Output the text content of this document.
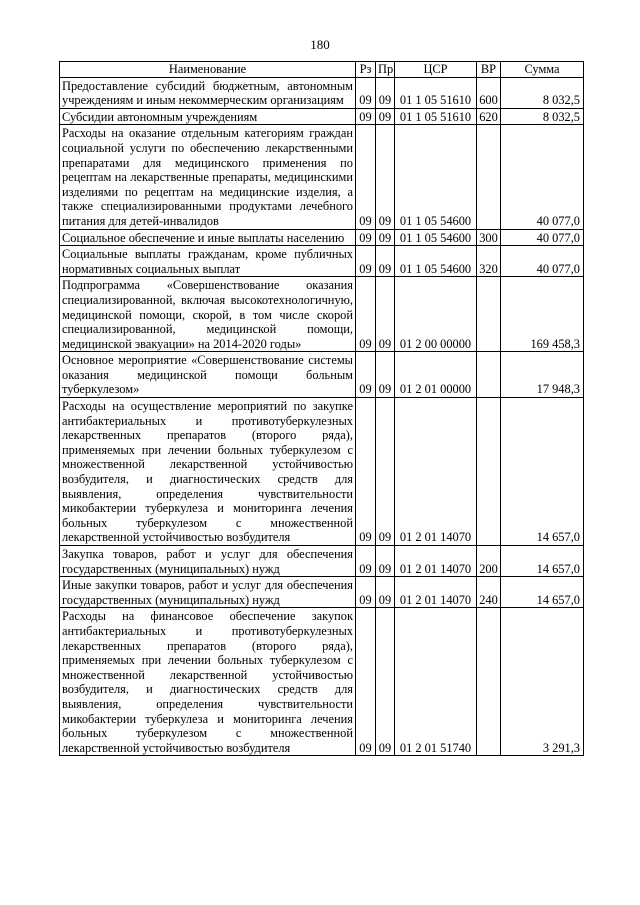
180
Наименование	Рз	Пр	ЦСР	ВР	Сумма
Предоставление субсидий бюджетным, автономным учреждениям и иным некоммерческим организациям	09	09	01 1 05 51610	600	8 032,5
Субсидии автономным учреждениям	09	09	01 1 05 51610	620	8 032,5
Расходы на оказание отдельным категориям граждан социальной услуги по обеспечению лекарственными препаратами для медицинского применения по рецептам на лекарственные препараты, медицинскими изделиями по рецептам на медицинские изделия, а также специализированными продуктами лечебного питания для детей-инвалидов	09	09	01 1 05 54600		40 077,0
Социальное обеспечение и иные выплаты населению	09	09	01 1 05 54600	300	40 077,0
Социальные выплаты гражданам, кроме публичных нормативных социальных выплат	09	09	01 1 05 54600	320	40 077,0
Подпрограмма «Совершенствование оказания специализированной, включая высокотехнологичную, медицинской помощи, скорой, в том числе скорой специализированной, медицинской помощи, медицинской эвакуации» на 2014-2020 годы»	09	09	01 2 00 00000		169 458,3
Основное мероприятие «Совершенствование системы оказания медицинской помощи больным туберкулезом»	09	09	01 2 01 00000		17 948,3
Расходы на осуществление мероприятий по закупке антибактериальных и противотуберкулезных лекарственных препаратов (второго ряда), применяемых при лечении больных туберкулезом с множественной лекарственной устойчивостью возбудителя, и диагностических средств для выявления, определения чувствительности микобактерии туберкулеза и мониторинга лечения больных туберкулезом с множественной лекарственной устойчивостью возбудителя	09	09	01 2 01 14070		14 657,0
Закупка товаров, работ и услуг для обеспечения государственных (муниципальных) нужд	09	09	01 2 01 14070	200	14 657,0
Иные закупки товаров, работ и услуг для обеспечения государственных (муниципальных) нужд	09	09	01 2 01 14070	240	14 657,0
Расходы на финансовое обеспечение закупок антибактериальных и противотуберкулезных лекарственных препаратов (второго ряда), применяемых при лечении больных туберкулезом с множественной лекарственной устойчивостью возбудителя, и диагностических средств для выявления, определения чувствительности микобактерии туберкулеза и мониторинга лечения больных туберкулезом с множественной лекарственной устойчивостью возбудителя	09	09	01 2 01 51740		3 291,3
